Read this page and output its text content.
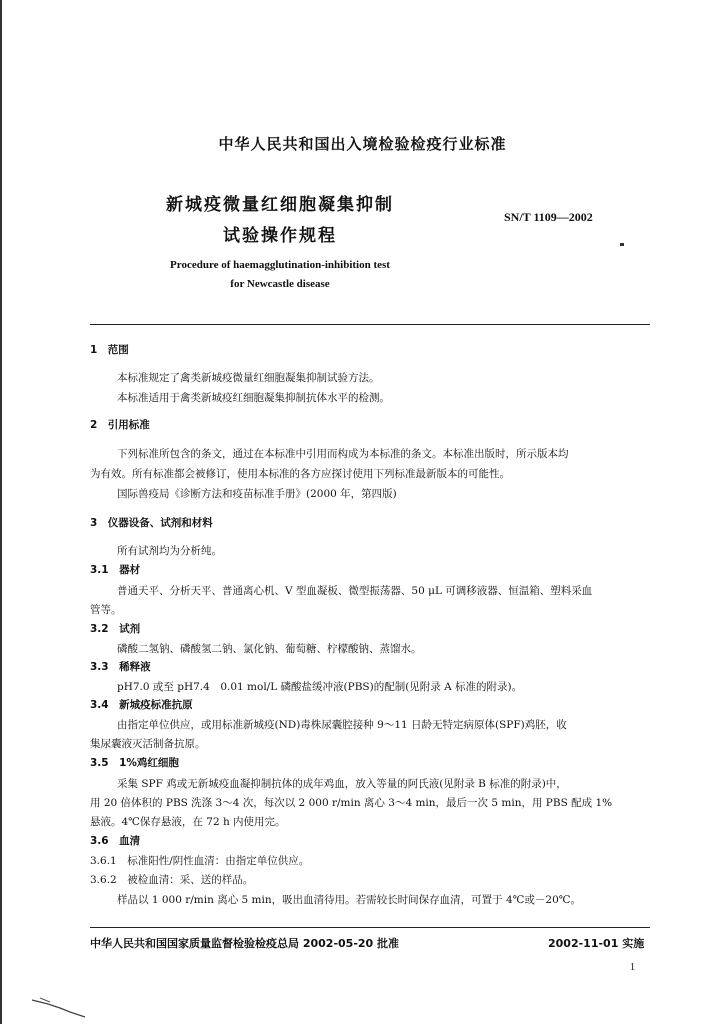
中华人民共和国出入境检验检疫行业标准
新城疫微量红细胞凝集抑制
试验操作规程
SN/T 1109—2002
Procedure of haemagglutination-inhibition test
for Newcastle disease
1　范围
本标准规定了禽类新城疫微量红细胞凝集抑制试验方法。
本标准适用于禽类新城疫红细胞凝集抑制抗体水平的检测。
2　引用标准
下列标准所包含的条文，通过在本标准中引用而构成为本标准的条文。本标准出版时，所示版本均
为有效。所有标准都会被修订，使用本标准的各方应探讨使用下列标准最新版本的可能性。
国际兽疫局《诊断方法和疫苗标准手册》(2000 年，第四版)
3　仪器设备、试剂和材料
所有试剂均为分析纯。
3.1　器材
普通天平、分析天平、普通离心机、V 型血凝板、微型振荡器、50 μL 可调移液器、恒温箱、塑料采血
管等。
3.2　试剂
磷酸二氢钠、磷酸氢二钠、氯化钠、葡萄糖、柠檬酸钠、蒸馏水。
3.3　稀释液
pH7.0 或至 pH7.4　0.01 mol/L 磷酸盐缓冲液(PBS)的配制(见附录 A 标准的附录)。
3.4　新城疫标准抗原
由指定单位供应，或用标准新城疫(ND)毒株尿囊腔接种 9～11 日龄无特定病原体(SPF)鸡胚，收
集尿囊液灭活制备抗原。
3.5　1%鸡红细胞
采集 SPF 鸡或无新城疫血凝抑制抗体的成年鸡血，放入等量的阿氏液(见附录 B 标准的附录)中，
用 20 倍体积的 PBS 洗涤 3～4 次，每次以 2 000 r/min 离心 3～4 min，最后一次 5 min，用 PBS 配成 1%
悬液。4℃保存悬液，在 72 h 内使用完。
3.6　血清
3.6.1　标准阳性/阴性血清：由指定单位供应。
3.6.2　被检血清：采、送的样品。
样品以 1 000 r/min 离心 5 min，吸出血清待用。若需较长时间保存血清，可置于 4℃或－20℃。
中华人民共和国国家质量监督检验检疫总局 2002-05-20 批准	2002-11-01 实施
1
